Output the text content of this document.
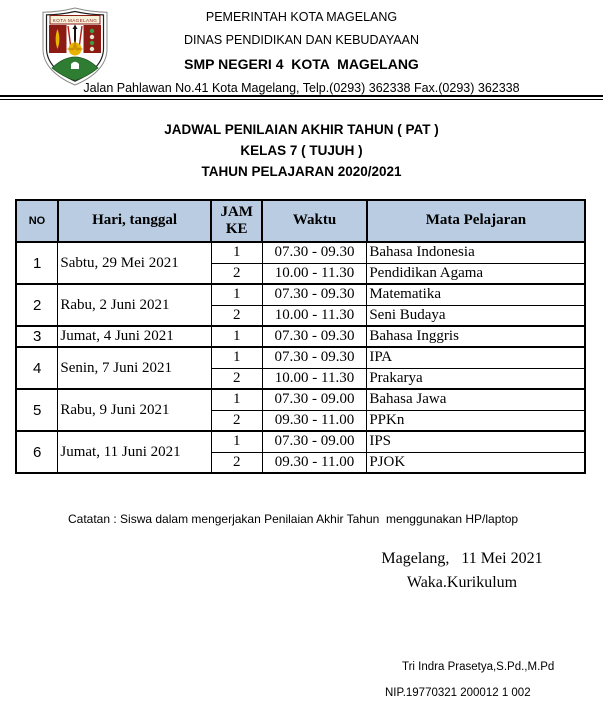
KOTA MAGELANG	PEMERINTAH KOTA MAGELANG
DINAS PENDIDIKAN DAN KEBUDAYAAN
SMP NEGERI 4  KOTA  MAGELANG
Jalan Pahlawan No.41 Kota Magelang, Telp.(0293) 362338 Fax.(0293) 362338
JADWAL PENILAIAN AKHIR TAHUN ( PAT )
KELAS 7 ( TUJUH )
TAHUN PELAJARAN 2020/2021
NO	Hari, tanggal	JAM KE	Waktu	Mata Pelajaran
1	Sabtu, 29 Mei 2021	1	07.30 - 09.30	Bahasa Indonesia
		2	10.00 - 11.30	Pendidikan Agama
2	Rabu, 2 Juni 2021	1	07.30 - 09.30	Matematika
		2	10.00 - 11.30	Seni Budaya
3	Jumat, 4 Juni 2021	1	07.30 - 09.30	Bahasa Inggris
4	Senin, 7 Juni 2021	1	07.30 - 09.30	IPA
		2	10.00 - 11.30	Prakarya
5	Rabu, 9 Juni 2021	1	07.30 - 09.00	Bahasa Jawa
		2	09.30 - 11.00	PPKn
6	Jumat, 11 Juni 2021	1	07.30 - 09.00	IPS
		2	09.30 - 11.00	PJOK
Catatan : Siswa dalam mengerjakan Penilaian Akhir Tahun  menggunakan HP/laptop
Magelang,   11 Mei 2021
Waka.Kurikulum
Tri Indra Prasetya,S.Pd.,M.Pd
NIP.19770321 200012 1 002
